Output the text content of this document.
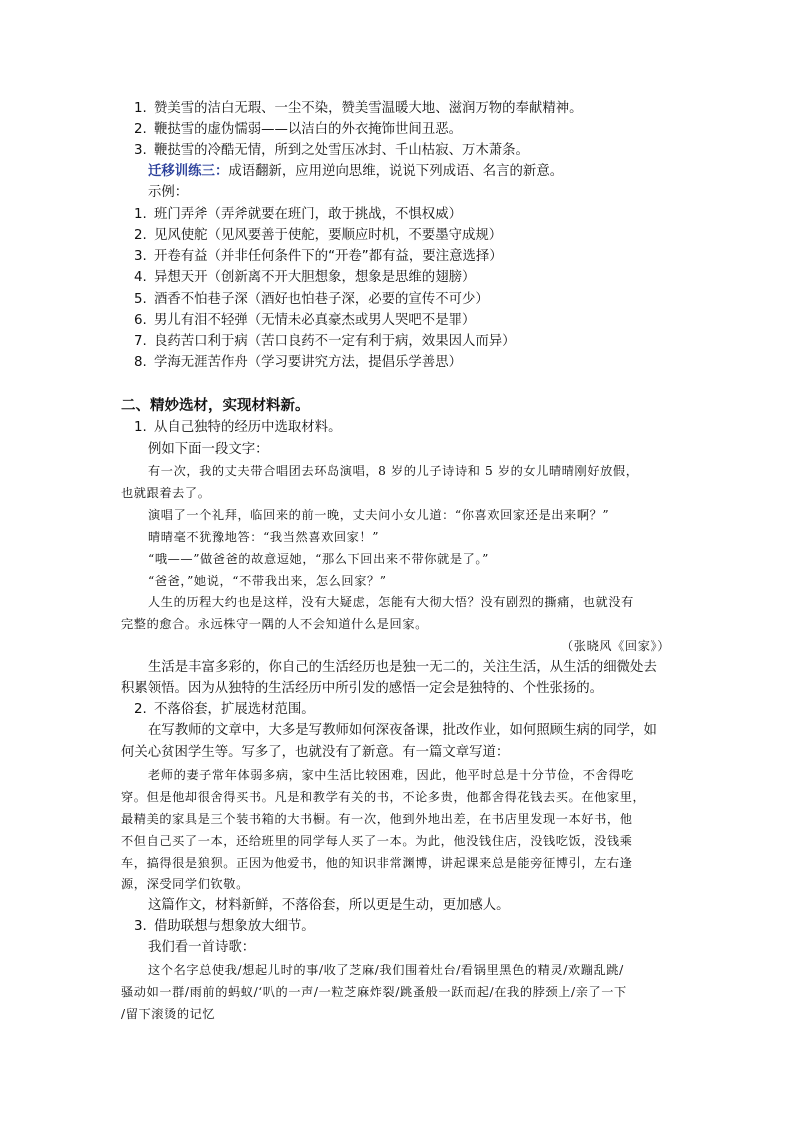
1. 赞美雪的洁白无瑕、一尘不染，赞美雪温暖大地、滋润万物的奉献精神。
2. 鞭挞雪的虚伪懦弱——以洁白的外衣掩饰世间丑恶。
3. 鞭挞雪的冷酷无情，所到之处雪压冰封、千山枯寂、万木萧条。
迁移训练三：成语翻新，应用逆向思维，说说下列成语、名言的新意。
示例：
1. 班门弄斧（弄斧就要在班门，敢于挑战，不惧权威）
2. 见风使舵（见风要善于使舵，要顺应时机，不要墨守成规）
3. 开卷有益（并非任何条件下的“开卷”都有益，要注意选择）
4. 异想天开（创新离不开大胆想象，想象是思维的翅膀）
5. 酒香不怕巷子深（酒好也怕巷子深，必要的宣传不可少）
6. 男儿有泪不轻弹（无情未必真豪杰或男人哭吧不是罪）
7. 良药苦口利于病（苦口良药不一定有利于病，效果因人而异）
8. 学海无涯苦作舟（学习要讲究方法，提倡乐学善思）
二、精妙选材，实现材料新。
1. 从自己独特的经历中选取材料。
例如下面一段文字：
有一次，我的丈夫带合唱团去环岛演唱，8 岁的儿子诗诗和 5 岁的女儿晴晴刚好放假，
也就跟着去了。
演唱了一个礼拜，临回来的前一晚，丈夫问小女儿道：“你喜欢回家还是出来啊？”
晴晴毫不犹豫地答：“我当然喜欢回家！”
“哦——”做爸爸的故意逗她，“那么下回出来不带你就是了。”
“爸爸，”她说，“不带我出来，怎么回家？”
人生的历程大约也是这样，没有大疑虑，怎能有大彻大悟？没有剧烈的撕痛，也就没有
完整的愈合。永远株守一隅的人不会知道什么是回家。
（张晓风《回家》）
生活是丰富多彩的，你自己的生活经历也是独一无二的，关注生活，从生活的细微处去
积累领悟。因为从独特的生活经历中所引发的感悟一定会是独特的、个性张扬的。
2. 不落俗套，扩展选材范围。
在写教师的文章中，大多是写教师如何深夜备课，批改作业，如何照顾生病的同学，如
何关心贫困学生等。写多了，也就没有了新意。有一篇文章写道：
老师的妻子常年体弱多病，家中生活比较困难，因此，他平时总是十分节俭，不舍得吃
穿。但是他却很舍得买书。凡是和教学有关的书，不论多贵，他都舍得花钱去买。在他家里，
最精美的家具是三个装书箱的大书橱。有一次，他到外地出差，在书店里发现一本好书，他
不但自己买了一本，还给班里的同学每人买了一本。为此，他没钱住店，没钱吃饭，没钱乘
车，搞得很是狼狈。正因为他爱书，他的知识非常渊博，讲起课来总是能旁征博引，左右逢
源，深受同学们钦敬。
这篇作文，材料新鲜，不落俗套，所以更是生动，更加感人。
3. 借助联想与想象放大细节。
我们看一首诗歌：
这个名字总使我/想起儿时的事/收了芝麻/我们围着灶台/看锅里黑色的精灵/欢蹦乱跳/
骚动如一群/雨前的蚂蚁/‘叭的一声/一粒芝麻炸裂/跳蚤般一跃而起/在我的脖颈上/亲了一下
/留下滚烫的记忆
